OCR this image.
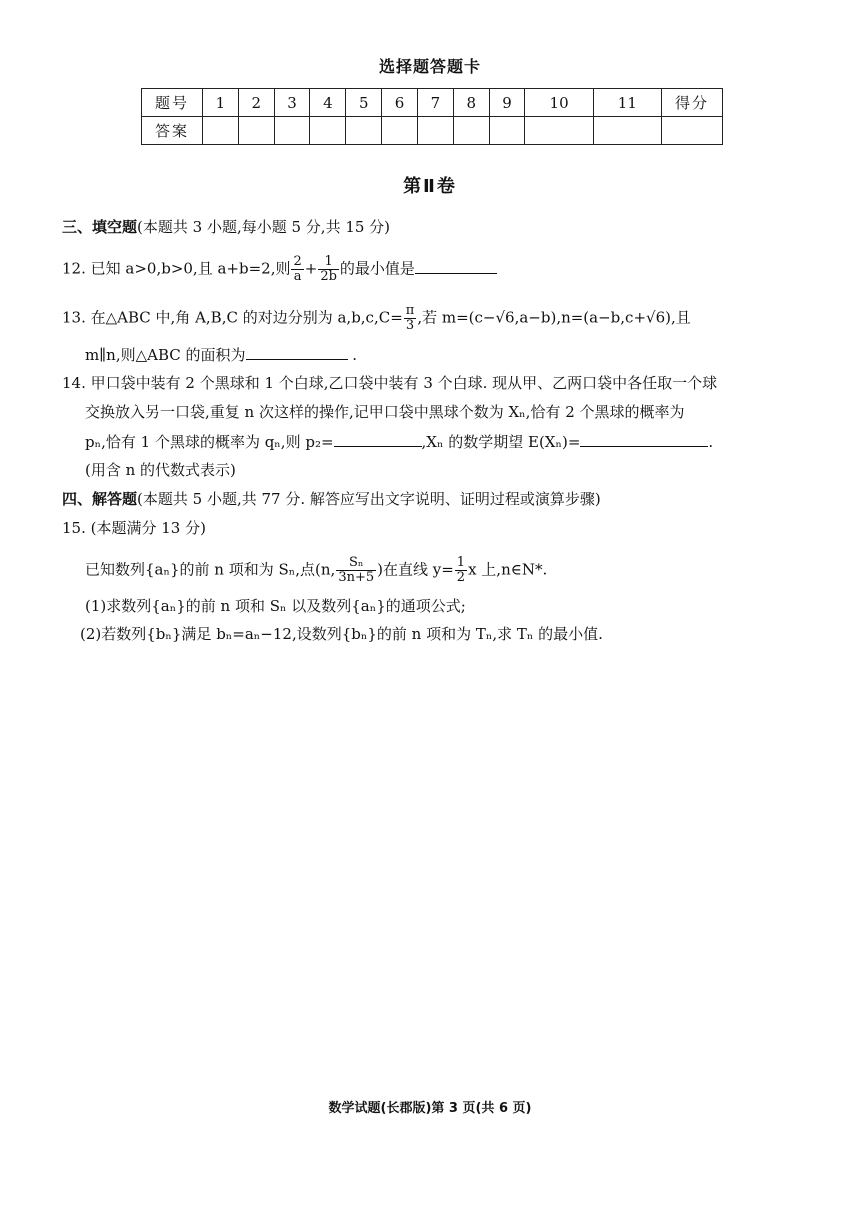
选择题答题卡
题号	1	2	3	4	5	6	7	8	9	10	11	得分
答案												
第Ⅱ卷
三、填空题(本题共 3 小题,每小题 5 分,共 15 分)
12. 已知 a>0,b>0,且 a+b=2,则 $\frac{2}{a} + \frac{1}{2b}$ 的最小值是
13. 在△ABC 中,角 A,B,C 的对边分别为 $a,b,c,C= \frac{\pi}{3}$ ,若 m=(c−√6,a−b),n=(a−b,c+√6),且
m∥n,则△ABC 的面积为	.
14. 甲口袋中装有 2 个黑球和 1 个白球,乙口袋中装有 3 个白球. 现从甲、乙两口袋中各任取一个球
交换放入另一口袋,重复 n 次这样的操作,记甲口袋中黑球个数为 Xₙ,恰有 2 个黑球的概率为
pₙ,恰有 1 个黑球的概率为 qₙ,则 p₂=	,Xₙ 的数学期望 E(Xₙ)=	.
(用含 n 的代数式表示)
四、解答题(本题共 5 小题,共 77 分. 解答应写出文字说明、证明过程或演算步骤)
15. (本题满分 13 分)
已知数列{aₙ}的前 n 项和为 Sₙ,点(n, $\frac{\text{Sₙ}}{3n+5}$ )在直线 $y= \frac{1}{2}$ x 上,n∈N*.
(1)求数列{aₙ}的前 n 项和 Sₙ 以及数列{aₙ}的通项公式;
(2)若数列{bₙ}满足 bₙ=aₙ−12,设数列{bₙ}的前 n 项和为 Tₙ,求 Tₙ 的最小值.
数学试题(长郡版)第 3 页(共 6 页)
